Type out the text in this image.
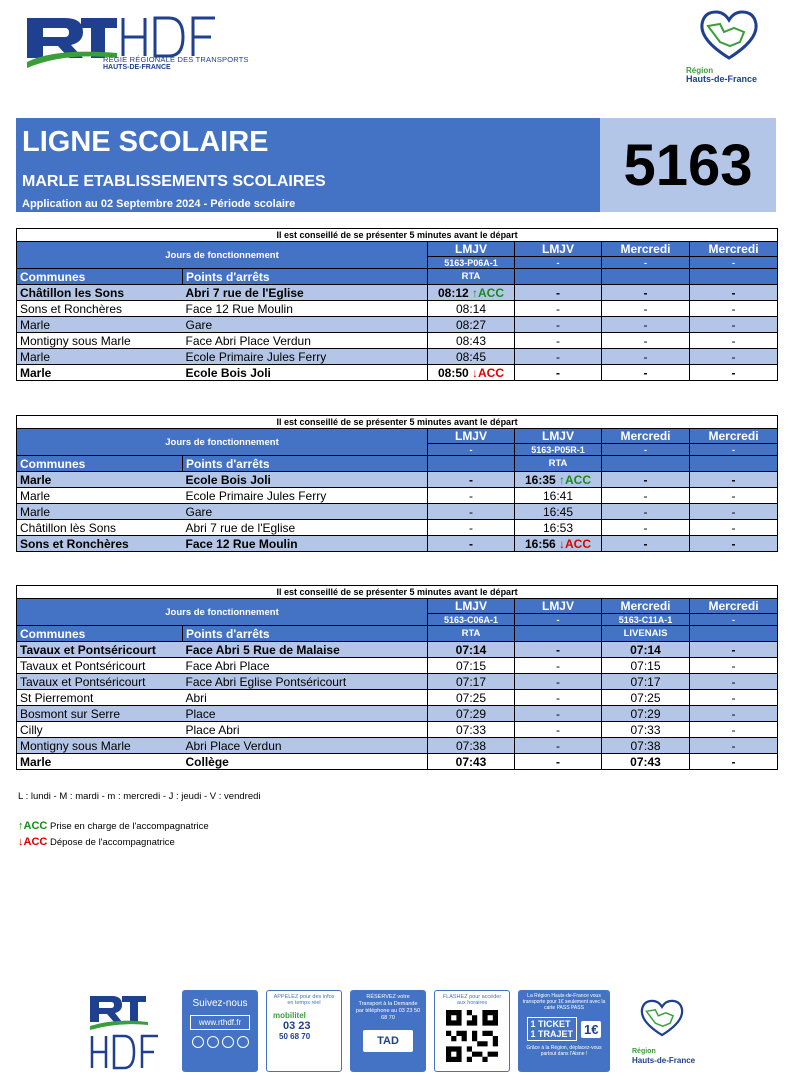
RÉGIE RÉGIONALE DES TRANSPORTS
HAUTS-DE-FRANCE	Région
Hauts-de-France
LIGNE SCOLAIRE
MARLE ETABLISSEMENTS SCOLAIRES
Application au 02 Septembre 2024 - Période scolaire
5163
Il est conseillé de se présenter 5 minutes avant le départ					
Jours de fonctionnement		LMJV	LMJV	Mercredi	Mercredi
		5163-P06A-1	-	-	-
Communes	Points d'arrêts	RTA			
Châtillon les Sons	Abri 7 rue de l'Eglise	08:12 ↑ACC	-	-	-
Sons et Ronchères	Face 12 Rue Moulin	08:14	-	-	-
Marle	Gare	08:27	-	-	-
Montigny sous Marle	Face Abri Place Verdun	08:43	-	-	-
Marle	Ecole Primaire Jules Ferry	08:45	-	-	-
Marle	Ecole Bois Joli	08:50 ↓ACC	-	-	-
Il est conseillé de se présenter 5 minutes avant le départ					
Jours de fonctionnement		LMJV	LMJV	Mercredi	Mercredi
		-	5163-P05R-1	-	-
Communes	Points d'arrêts		RTA		
Marle	Ecole Bois Joli	-	16:35 ↑ACC	-	-
Marle	Ecole Primaire Jules Ferry	-	16:41	-	-
Marle	Gare	-	16:45	-	-
Châtillon lès Sons	Abri 7 rue de l'Eglise	-	16:53	-	-
Sons et Ronchères	Face 12 Rue Moulin	-	16:56 ↓ACC	-	-
Il est conseillé de se présenter 5 minutes avant le départ					
Jours de fonctionnement		LMJV	LMJV	Mercredi	Mercredi
		5163-C06A-1	-	5163-C11A-1	-
Communes	Points d'arrêts	RTA		LIVENAIS	
Tavaux et Pontséricourt	Face Abri 5 Rue de Malaise	07:14	-	07:14	-
Tavaux et Pontséricourt	Face Abri Place	07:15	-	07:15	-
Tavaux et Pontséricourt	Face Abri Eglise Pontséricourt	07:17	-	07:17	-
St Pierremont	Abri	07:25	-	07:25	-
Bosmont sur Serre	Place	07:29	-	07:29	-
Cilly	Place Abri	07:33	-	07:33	-
Montigny sous Marle	Abri Place Verdun	07:38	-	07:38	-
Marle	Collège	07:43	-	07:43	-
L : lundi - M : mardi - m : mercredi - J : jeudi - V : vendredi
↑ACC Prise en charge de l'accompagnatrice
↓ACC Dépose de l'accompagnatrice
Suivez-nous
www.rthdf.fr
APPELEZ pour des infos en temps réel
mobilitel
03 23
50 68 70
RÉSERVEZ votre Transport à la Demande par téléphone au 03 23 50 68 70
TAD
FLASHEZ pour accéder aux horaires
La Région Hauts-de-France vous transporte pour 1€ seulement avec la carte PASS PASS
1 TICKET
1 TRAJET 1€
Grâce à la Région, déplacez-vous partout dans l'Aisne !	Région
Hauts-de-France
